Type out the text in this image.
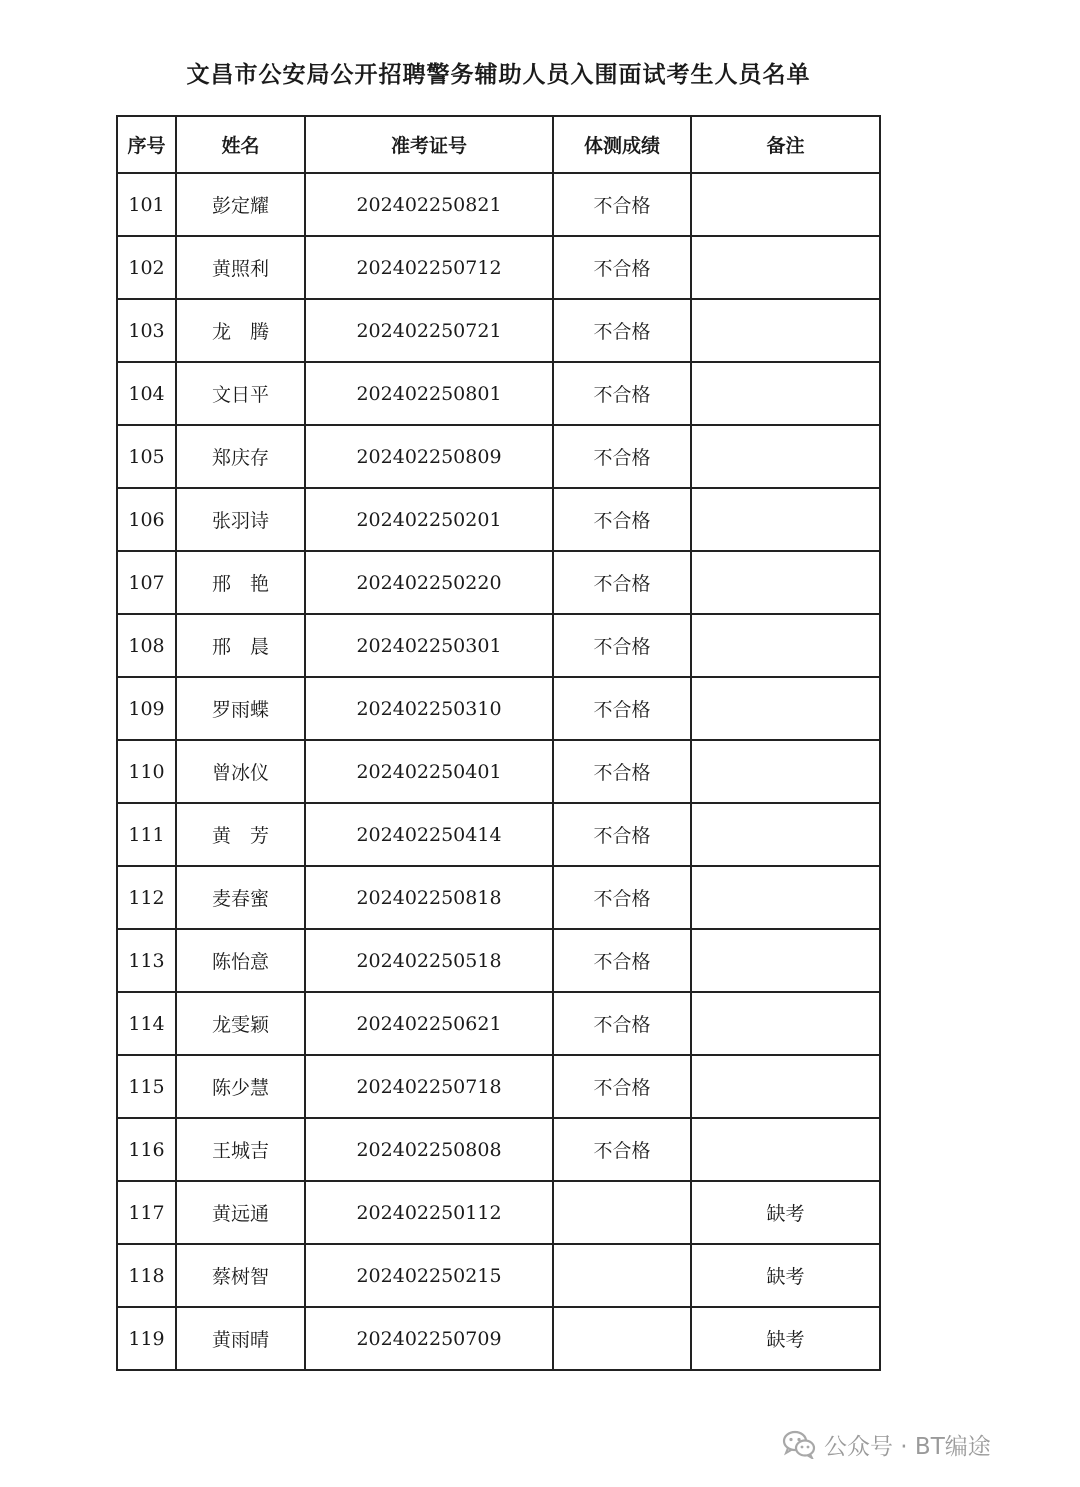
文昌市公安局公开招聘警务辅助人员入围面试考生人员名单
序号	姓名	准考证号	体测成绩	备注
101	彭定耀	202402250821	不合格	
102	黄照利	202402250712	不合格	
103	龙　腾	202402250721	不合格	
104	文日平	202402250801	不合格	
105	郑庆存	202402250809	不合格	
106	张羽诗	202402250201	不合格	
107	邢　艳	202402250220	不合格	
108	邢　晨	202402250301	不合格	
109	罗雨蝶	202402250310	不合格	
110	曾冰仪	202402250401	不合格	
111	黄　芳	202402250414	不合格	
112	麦春蜜	202402250818	不合格	
113	陈怡意	202402250518	不合格	
114	龙雯颖	202402250621	不合格	
115	陈少慧	202402250718	不合格	
116	王城吉	202402250808	不合格	
117	黄远通	202402250112		缺考
118	蔡树智	202402250215		缺考
119	黄雨晴	202402250709		缺考
公众号 · BT编途
